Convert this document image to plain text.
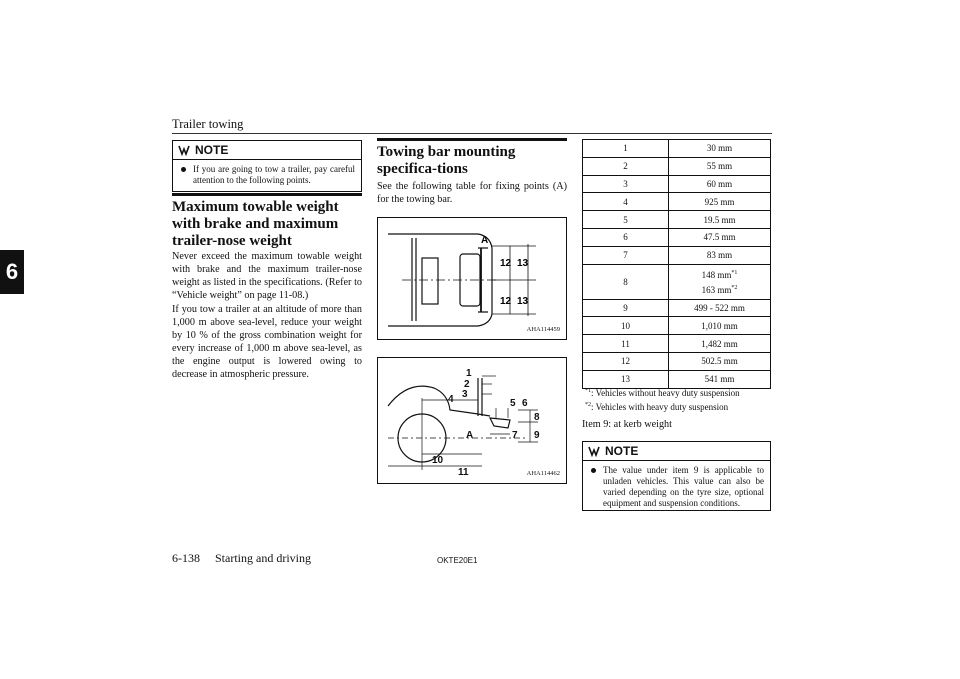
Trailer towing
6
NOTE
If you are going to tow a trailer, pay careful attention to the following points.
Maximum towable weight with brake and maximum trailer-nose weight
Never exceed the maximum towable weight with brake and the maximum trailer-nose weight as listed in the specifications. (Refer to “Vehicle weight” on page 11-08.)
If you tow a trailer at an altitude of more than 1,000 m above sea-level, reduce your weight by 10 % of the gross combination weight for every increase of 1,000 m above sea-level, as the engine output is lowered owing to decrease in atmospheric pressure.
Towing bar mounting specifica-tions
See the following table for fixing points (A) for the towing bar.
A
12 13
12 13
AHA114459
1
2
3
4	5 6
7
8
9
10
11
A
AHA114462
1	30 mm
2	55 mm
3	60 mm
4	925 mm
5	19.5 mm
6	47.5 mm
7	83 mm
8	148 $mm^{*1}$
163 $mm^{*2}$
9	499 - 522 mm
10	1,010 mm
11	1,482 mm
12	502.5 mm
13	541 mm
$^{*1}$: Vehicles without heavy duty suspension
$^{*2}$: Vehicles with heavy duty suspension
Item 9: at kerb weight
NOTE
The value under item 9 is applicable to unladen vehicles. This value can also be varied depending on the tyre size, optional equipment and suspension conditions.
6-138 Starting and driving	OKTE20E1
